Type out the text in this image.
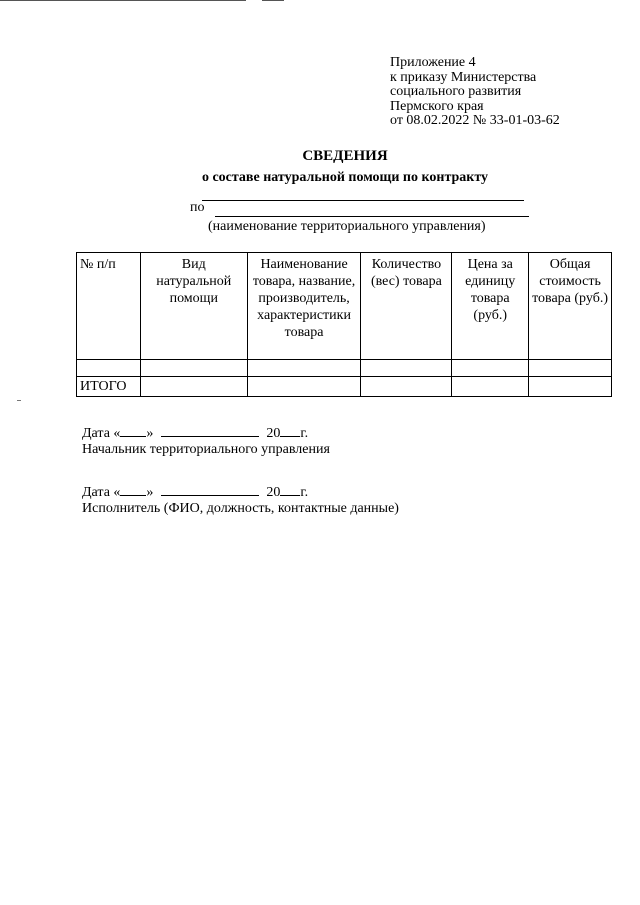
Приложение 4
к приказу Министерства
социального развития
Пермского края
от 08.02.2022 № 33-01-03-62
СВЕДЕНИЯ
о составе натуральной помощи по контракту
по
(наименование территориального управления)
№ п/п	Вид натуральной помощи	Наименование товара, название, производитель, характеристики товара	Количество (вес) товара	Цена за единицу товара (руб.)	Общая стоимость товара (руб.)

ИТОГО					
Дата « »	20 г.
Начальник территориального управления
Дата « »	20 г.
Исполнитель (ФИО, должность, контактные данные)
